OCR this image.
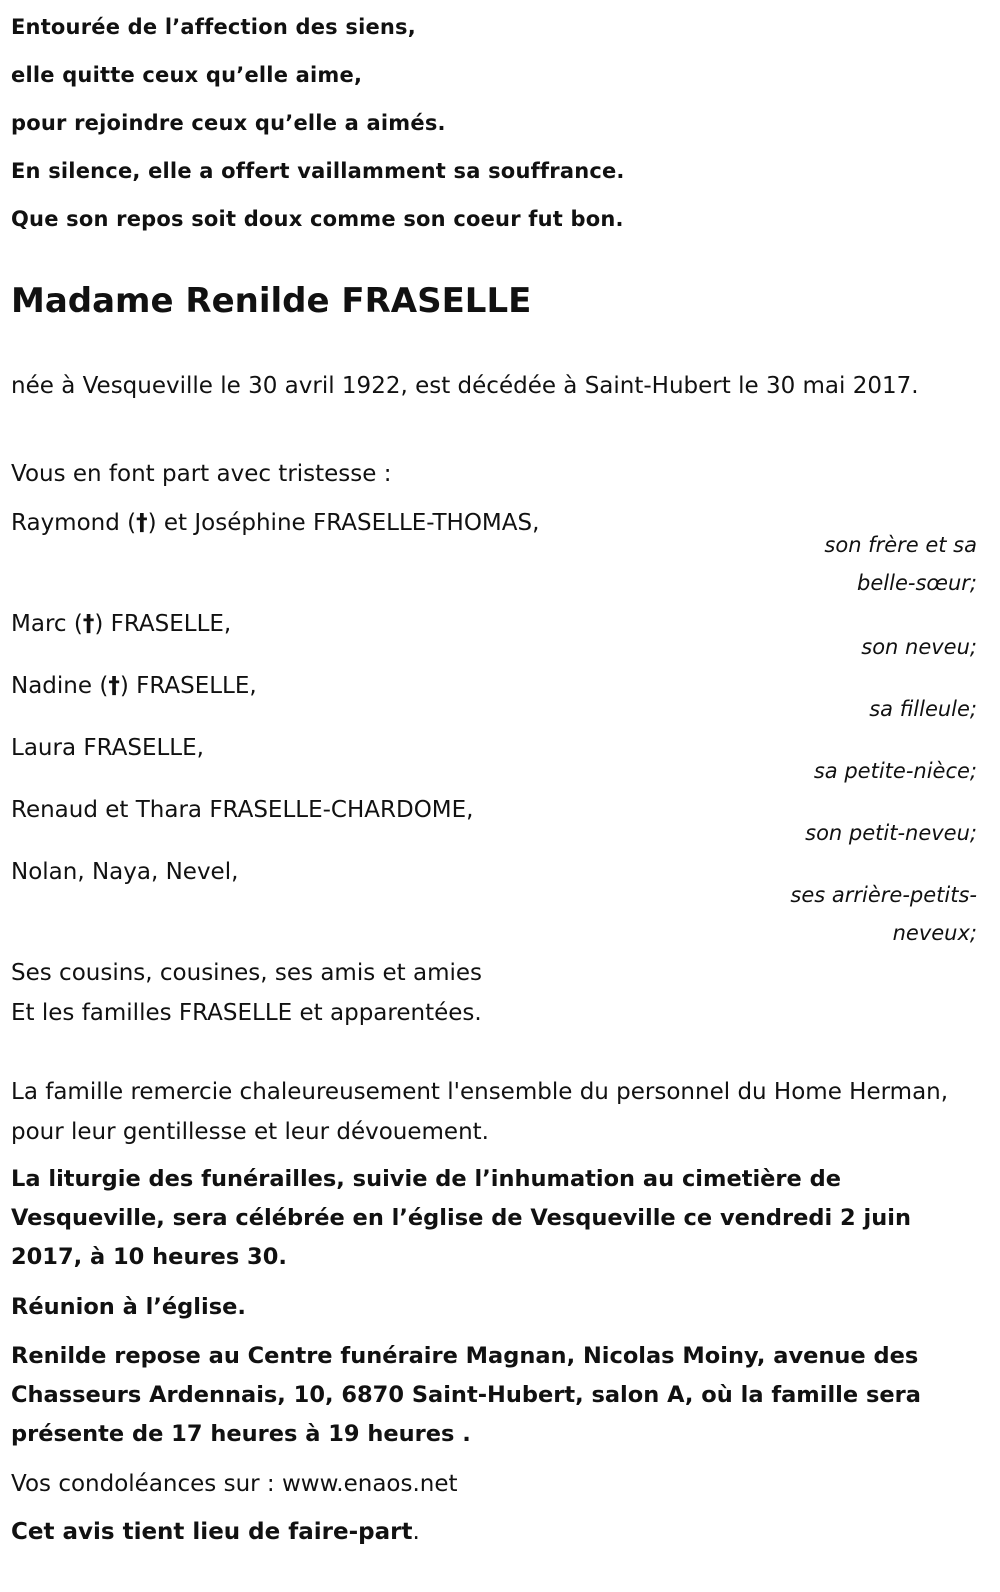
Entourée de l’affection des siens,
elle quitte ceux qu’elle aime,
pour rejoindre ceux qu’elle a aimés.
En silence, elle a offert vaillamment sa souffrance.
Que son repos soit doux comme son coeur fut bon.
Madame Renilde FRASELLE
née à Vesqueville le 30 avril 1922, est décédée à Saint-Hubert le 30 mai 2017.
Vous en font part avec tristesse :
Raymond (†) et Joséphine FRASELLE-THOMAS,
son frère et sa
belle-sœur;
Marc (†) FRASELLE,
son neveu;
Nadine (†) FRASELLE,
sa filleule;
Laura FRASELLE,
sa petite-nièce;
Renaud et Thara FRASELLE-CHARDOME,
son petit-neveu;
Nolan, Naya, Nevel,
ses arrière-petits-
neveux;
Ses cousins, cousines, ses amis et amies
Et les familles FRASELLE et apparentées.
La famille remercie chaleureusement l'ensemble du personnel du Home Herman, pour leur gentillesse et leur dévouement.
La liturgie des funérailles, suivie de l’inhumation au cimetière de Vesqueville, sera célébrée en l’église de Vesqueville ce vendredi 2 juin 2017, à 10 heures 30.
Réunion à l’église.
Renilde repose au Centre funéraire Magnan, Nicolas Moiny, avenue des Chasseurs Ardennais, 10, 6870 Saint-Hubert, salon A, où la famille sera présente de 17 heures à 19 heures .
Vos condoléances sur : www.enaos.net
Cet avis tient lieu de faire-part.
